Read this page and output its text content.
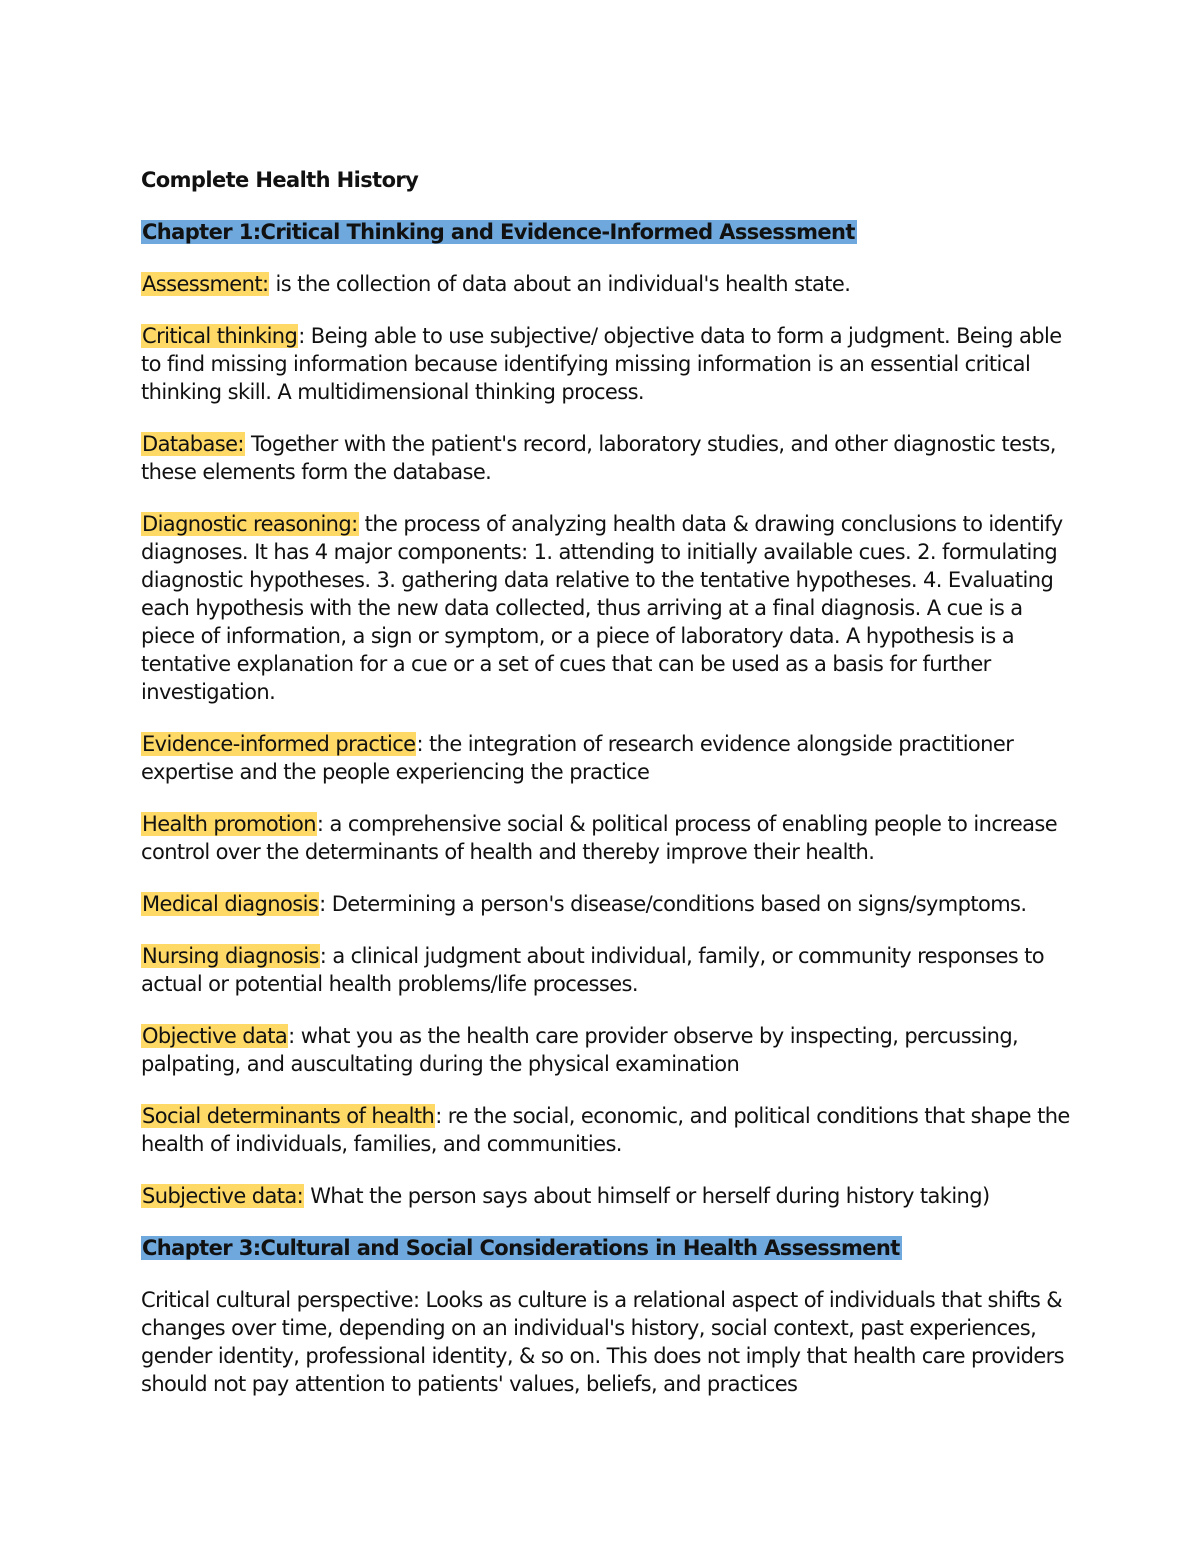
Complete Health History
Chapter 1:Critical Thinking and Evidence-Informed Assessment
Assessment: is the collection of data about an individual's health state.
Critical thinking: Being able to use subjective/ objective data to form a judgment. Being able to find missing information because identifying missing information is an essential critical thinking skill. A multidimensional thinking process.
Database: Together with the patient's record, laboratory studies, and other diagnostic tests, these elements form the database.
Diagnostic reasoning: the process of analyzing health data & drawing conclusions to identify diagnoses. It has 4 major components: 1. attending to initially available cues. 2. formulating diagnostic hypotheses. 3. gathering data relative to the tentative hypotheses. 4. Evaluating each hypothesis with the new data collected, thus arriving at a final diagnosis. A cue is a piece of information, a sign or symptom, or a piece of laboratory data. A hypothesis is a tentative explanation for a cue or a set of cues that can be used as a basis for further investigation.
Evidence-informed practice: the integration of research evidence alongside practitioner expertise and the people experiencing the practice
Health promotion: a comprehensive social & political process of enabling people to increase control over the determinants of health and thereby improve their health.
Medical diagnosis: Determining a person's disease/conditions based on signs/symptoms.
Nursing diagnosis: a clinical judgment about individual, family, or community responses to actual or potential health problems/life processes.
Objective data: what you as the health care provider observe by inspecting, percussing, palpating, and auscultating during the physical examination
Social determinants of health: re the social, economic, and political conditions that shape the health of individuals, families, and communities.
Subjective data: What the person says about himself or herself during history taking)
Chapter 3:Cultural and Social Considerations in Health Assessment
Critical cultural perspective: Looks as culture is a relational aspect of individuals that shifts & changes over time, depending on an individual's history, social context, past experiences, gender identity, professional identity, & so on. This does not imply that health care providers should not pay attention to patients' values, beliefs, and practices
